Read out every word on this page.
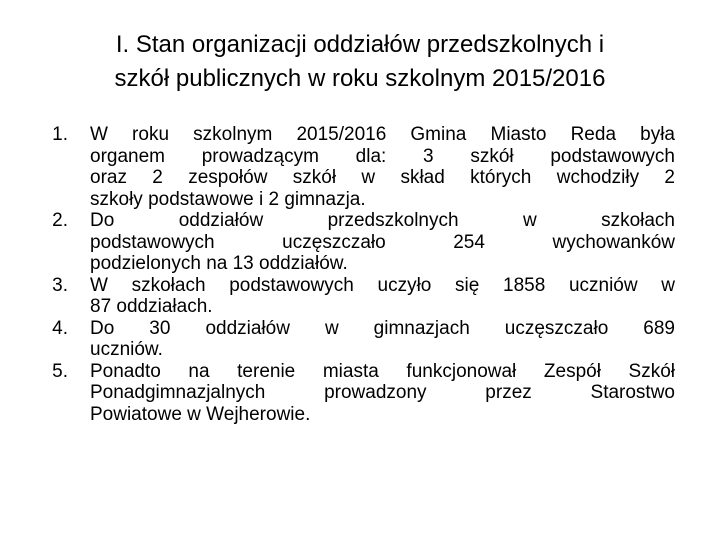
I. Stan organizacji oddziałów przedszkolnych i
szkół publicznych w roku szkolnym 2015/2016
1. W roku szkolnym 2015/2016 Gmina Miasto Reda była
organem prowadzącym dla: 3 szkół podstawowych
oraz 2 zespołów szkół w skład których wchodziły 2
szkoły podstawowe i 2 gimnazja.
2. Do oddziałów przedszkolnych w szkołach
podstawowych uczęszczało 254 wychowanków
podzielonych na 13 oddziałów.
3. W szkołach podstawowych uczyło się 1858 uczniów w
87 oddziałach.
4. Do 30 oddziałów w gimnazjach uczęszczało 689
uczniów.
5. Ponadto na terenie miasta funkcjonował Zespół Szkół
Ponadgimnazjalnych prowadzony przez Starostwo
Powiatowe w Wejherowie.
